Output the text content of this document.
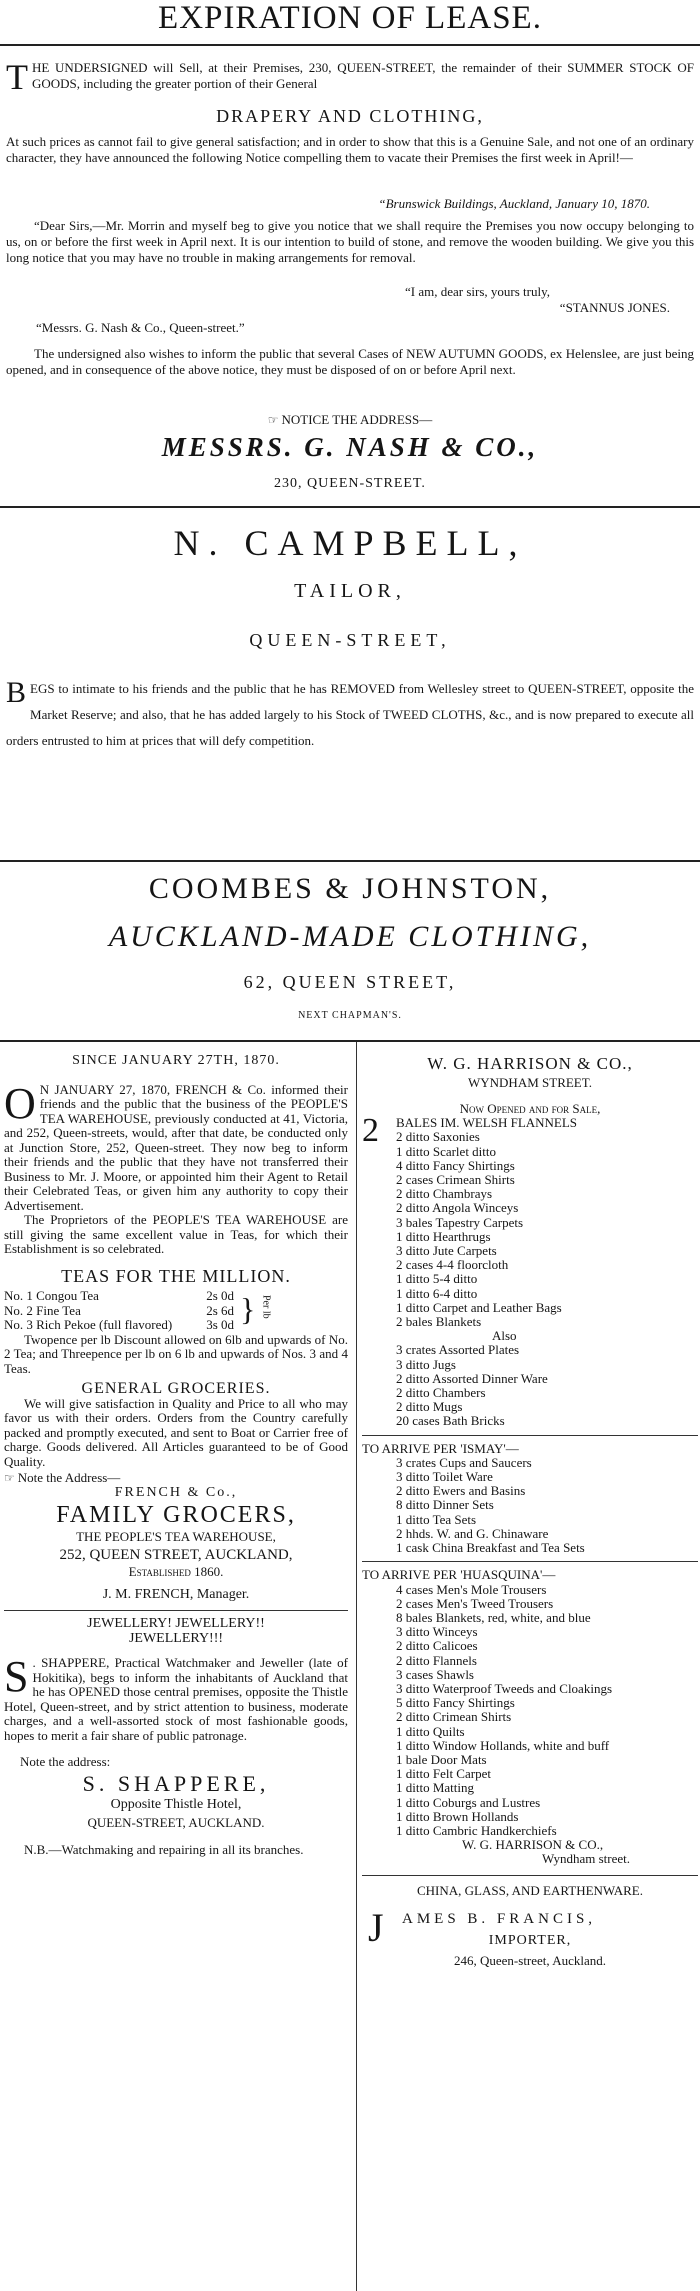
EXPIRATION OF LEASE.
THE UNDERSIGNED will Sell, at their Premises, 230, QUEEN-STREET, the remainder of their SUMMER STOCK OF GOODS, including the greater portion of their General
DRAPERY AND CLOTHING,
At such prices as cannot fail to give general satisfaction; and in order to show that this is a Genuine Sale, and not one of an ordinary character, they have announced the following Notice compelling them to vacate their Premises the first week in April!—
“Brunswick Buildings, Auckland, January 10, 1870.
“Dear Sirs,—Mr. Morrin and myself beg to give you notice that we shall require the Premises you now occupy belonging to us, on or before the first week in April next. It is our intention to build of stone, and remove the wooden building. We give you this long notice that you may have no trouble in making arrangements for removal.
“I am, dear sirs, yours truly,
“STANNUS JONES.
“Messrs. G. Nash & Co., Queen-street.”
The undersigned also wishes to inform the public that several Cases of NEW AUTUMN GOODS, ex Helenslee, are just being opened, and in consequence of the above notice, they must be disposed of on or before April next.
☞ NOTICE THE ADDRESS—
MESSRS. G. NASH & CO.,
230, QUEEN-STREET.
N. CAMPBELL,
TAILOR,
QUEEN-STREET,
BEGS to intimate to his friends and the public that he has REMOVED from Wellesley street to QUEEN-STREET, opposite the Market Reserve; and also, that he has added largely to his Stock of TWEED CLOTHS, &c., and is now prepared to execute all orders entrusted to him at prices that will defy competition.
COOMBES & JOHNSTON,
AUCKLAND-MADE CLOTHING,
62, QUEEN STREET,
NEXT CHAPMAN'S.
SINCE JANUARY 27TH, 1870.
O N JANUARY 27, 1870, FRENCH & Co. informed their friends and the public that the business of the PEOPLE'S TEA WAREHOUSE, previously conducted at 41, Victoria, and 252, Queen-streets, would, after that date, be conducted only at Junction Store, 252, Queen-street. They now beg to inform their friends and the public that they have not transferred their Business to Mr. J. Moore, or appointed him their Agent to Retail their Celebrated Teas, or given him any authority to copy their Advertisement.
The Proprietors of the PEOPLE'S TEA WAREHOUSE are still giving the same excellent value in Teas, for which their Establishment is so celebrated.
TEAS FOR THE MILLION.
No. 1 Congou Tea	2s 0d
No. 2 Fine Tea	2s 6d
No. 3 Rich Pekoe (full flavored)	3s 0d } Per lb
Twopence per lb Discount allowed on 6lb and upwards of No. 2 Tea; and Threepence per lb on 6 lb and upwards of Nos. 3 and 4 Teas.
GENERAL GROCERIES.
We will give satisfaction in Quality and Price to all who may favor us with their orders. Orders from the Country carefully packed and promptly executed, and sent to Boat or Carrier free of charge. Goods delivered. All Articles guaranteed to be of Good Quality.
☞ Note the Address—
FRENCH & Co.,
FAMILY GROCERS,
THE PEOPLE'S TEA WAREHOUSE,
252, QUEEN STREET, AUCKLAND,
Established 1860.
J. M. FRENCH, Manager.
JEWELLERY! JEWELLERY!!
JEWELLERY!!!
S . SHAPPERE, Practical Watchmaker and Jeweller (late of Hokitika), begs to inform the inhabitants of Auckland that he has OPENED those central premises, opposite the Thistle Hotel, Queen-street, and by strict attention to business, moderate charges, and a well-assorted stock of most fashionable goods, hopes to merit a fair share of public patronage.
Note the address:
S. SHAPPERE,
Opposite Thistle Hotel,
QUEEN-STREET, AUCKLAND.
N.B.—Watchmaking and repairing in all its branches.
W. G. HARRISON & CO.,
WYNDHAM STREET.
Now Opened and for Sale,
2	BALES IM. WELSH FLANNELS
2 ditto Saxonies
1 ditto Scarlet ditto
4 ditto Fancy Shirtings
2 cases Crimean Shirts
2 ditto Chambrays
2 ditto Angola Winceys
3 bales Tapestry Carpets
1 ditto Hearthrugs
3 ditto Jute Carpets
2 cases 4-4 floorcloth
1 ditto 5-4 ditto
1 ditto 6-4 ditto
1 ditto Carpet and Leather Bags
2 bales Blankets
Also
3 crates Assorted Plates
3 ditto Jugs
2 ditto Assorted Dinner Ware
2 ditto Chambers
2 ditto Mugs
20 cases Bath Bricks
TO ARRIVE PER 'ISMAY'—
3 crates Cups and Saucers
3 ditto Toilet Ware
2 ditto Ewers and Basins
8 ditto Dinner Sets
1 ditto Tea Sets
2 hhds. W. and G. Chinaware
1 cask China Breakfast and Tea Sets
TO ARRIVE PER 'HUASQUINA'—
4 cases Men's Mole Trousers
2 cases Men's Tweed Trousers
8 bales Blankets, red, white, and blue
3 ditto Winceys
2 ditto Calicoes
2 ditto Flannels
3 cases Shawls
3 ditto Waterproof Tweeds and Cloakings
5 ditto Fancy Shirtings
2 ditto Crimean Shirts
1 ditto Quilts
1 ditto Window Hollands, white and buff
1 bale Door Mats
1 ditto Felt Carpet
1 ditto Matting
1 ditto Coburgs and Lustres
1 ditto Brown Hollands
1 ditto Cambric Handkerchiefs
W. G. HARRISON & CO.,
Wyndham street.
CHINA, GLASS, AND EARTHENWARE.
J	AMES B. FRANCIS,
IMPORTER,
246, Queen-street, Auckland.
